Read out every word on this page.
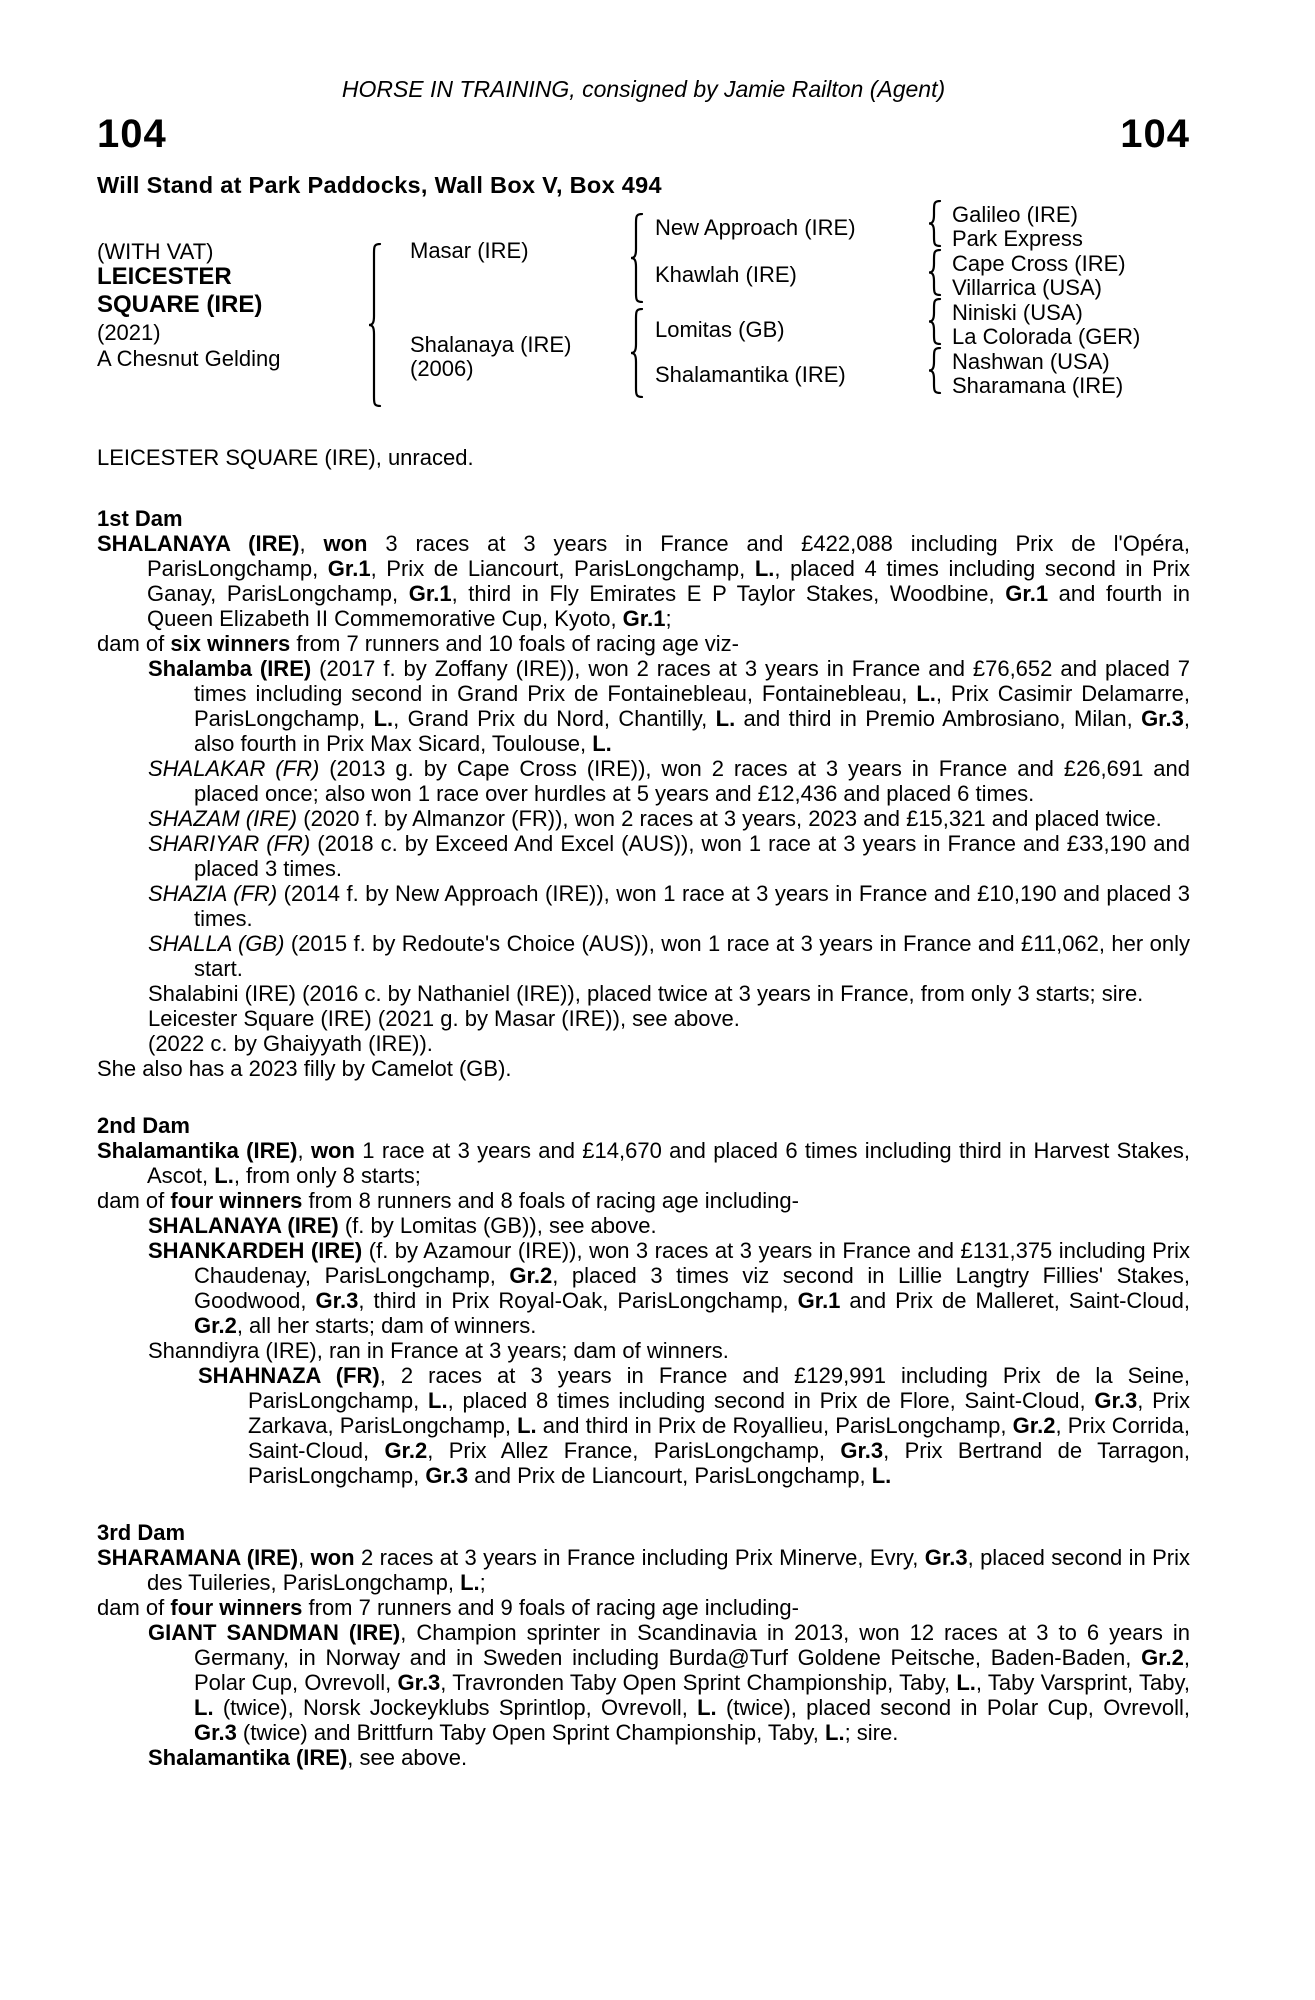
HORSE IN TRAINING, consigned by Jamie Railton (Agent)
104	104
Will Stand at Park Paddocks, Wall Box V, Box 494
(WITH VAT)
LEICESTER
SQUARE (IRE)
(2021)
A Chesnut Gelding
Masar (IRE)
Shalanaya (IRE)
(2006)
New Approach (IRE)
Khawlah (IRE)
Lomitas (GB)
Shalamantika (IRE)
Galileo (IRE)
Park Express
Cape Cross (IRE)
Villarrica (USA)
Niniski (USA)
La Colorada (GER)
Nashwan (USA)
Sharamana (IRE)
LEICESTER SQUARE (IRE), unraced.
1st Dam

SHALANAYA (IRE), won 3 races at 3 years in France and £422,088 including Prix de l'Opéra, ParisLongchamp, Gr.1, Prix de Liancourt, ParisLongchamp, L., placed 4 times including second in Prix Ganay, ParisLongchamp, Gr.1, third in Fly Emirates E P Taylor Stakes, Woodbine, Gr.1 and fourth in Queen Elizabeth II Commemorative Cup, Kyoto, Gr.1;

dam of six winners from 7 runners and 10 foals of racing age viz-

Shalamba (IRE) (2017 f. by Zoffany (IRE)), won 2 races at 3 years in France and £76,652 and placed 7 times including second in Grand Prix de Fontainebleau, Fontainebleau, L., Prix Casimir Delamarre, ParisLongchamp, L., Grand Prix du Nord, Chantilly, L. and third in Premio Ambrosiano, Milan, Gr.3, also fourth in Prix Max Sicard, Toulouse, L.

SHALAKAR (FR) (2013 g. by Cape Cross (IRE)), won 2 races at 3 years in France and £26,691 and placed once; also won 1 race over hurdles at 5 years and £12,436 and placed 6 times.

SHAZAM (IRE) (2020 f. by Almanzor (FR)), won 2 races at 3 years, 2023 and £15,321 and placed twice.

SHARIYAR (FR) (2018 c. by Exceed And Excel (AUS)), won 1 race at 3 years in France and £33,190 and placed 3 times.

SHAZIA (FR) (2014 f. by New Approach (IRE)), won 1 race at 3 years in France and £10,190 and placed 3 times.

SHALLA (GB) (2015 f. by Redoute's Choice (AUS)), won 1 race at 3 years in France and £11,062, her only start.

Shalabini (IRE) (2016 c. by Nathaniel (IRE)), placed twice at 3 years in France, from only 3 starts; sire.

Leicester Square (IRE) (2021 g. by Masar (IRE)), see above.

(2022 c. by Ghaiyyath (IRE)).

She also has a 2023 filly by Camelot (GB).

2nd Dam

Shalamantika (IRE), won 1 race at 3 years and £14,670 and placed 6 times including third in Harvest Stakes, Ascot, L., from only 8 starts;

dam of four winners from 8 runners and 8 foals of racing age including-

SHALANAYA (IRE) (f. by Lomitas (GB)), see above.

SHANKARDEH (IRE) (f. by Azamour (IRE)), won 3 races at 3 years in France and £131,375 including Prix Chaudenay, ParisLongchamp, Gr.2, placed 3 times viz second in Lillie Langtry Fillies' Stakes, Goodwood, Gr.3, third in Prix Royal-Oak, ParisLongchamp, Gr.1 and Prix de Malleret, Saint-Cloud, Gr.2, all her starts; dam of winners.

Shanndiyra (IRE), ran in France at 3 years; dam of winners.

SHAHNAZA (FR), 2 races at 3 years in France and £129,991 including Prix de la Seine, ParisLongchamp, L., placed 8 times including second in Prix de Flore, Saint-Cloud, Gr.3, Prix Zarkava, ParisLongchamp, L. and third in Prix de Royallieu, ParisLongchamp, Gr.2, Prix Corrida, Saint-Cloud, Gr.2, Prix Allez France, ParisLongchamp, Gr.3, Prix Bertrand de Tarragon, ParisLongchamp, Gr.3 and Prix de Liancourt, ParisLongchamp, L.

3rd Dam

SHARAMANA (IRE), won 2 races at 3 years in France including Prix Minerve, Evry, Gr.3, placed second in Prix des Tuileries, ParisLongchamp, L.;

dam of four winners from 7 runners and 9 foals of racing age including-

GIANT SANDMAN (IRE), Champion sprinter in Scandinavia in 2013, won 12 races at 3 to 6 years in Germany, in Norway and in Sweden including Burda@Turf Goldene Peitsche, Baden-Baden, Gr.2, Polar Cup, Ovrevoll, Gr.3, Travronden Taby Open Sprint Championship, Taby, L., Taby Varsprint, Taby, L. (twice), Norsk Jockeyklubs Sprintlop, Ovrevoll, L. (twice), placed second in Polar Cup, Ovrevoll, Gr.3 (twice) and Brittfurn Taby Open Sprint Championship, Taby, L.; sire.

Shalamantika (IRE), see above.
